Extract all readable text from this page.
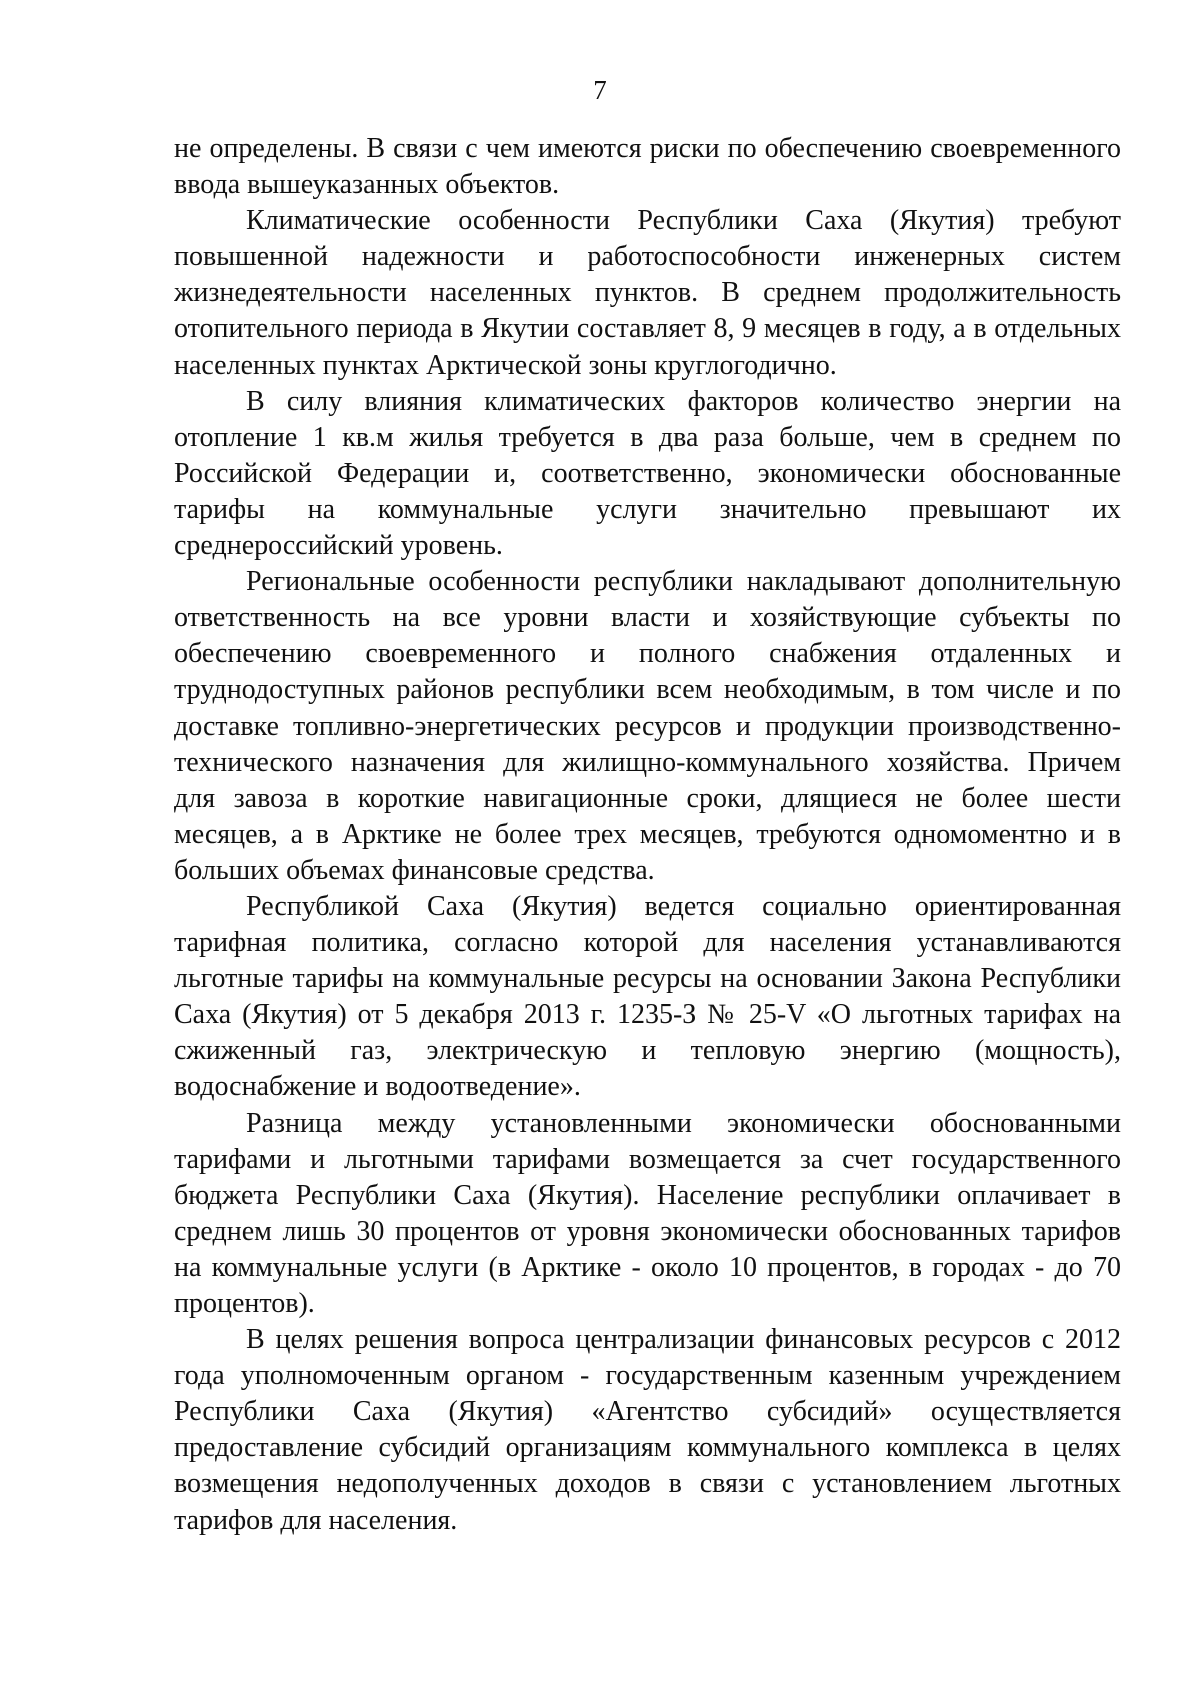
7
не определены. В связи с чем имеются риски по обеспечению своевременного
ввода вышеуказанных объектов.
Климатические особенности Республики Саха (Якутия) требуют
повышенной надежности и работоспособности инженерных систем
жизнедеятельности населенных пунктов. В среднем продолжительность
отопительного периода в Якутии составляет 8, 9 месяцев в году, а в отдельных
населенных пунктах Арктической зоны круглогодично.
В силу влияния климатических факторов количество энергии на
отопление 1 кв.м жилья требуется в два раза больше, чем в среднем по
Российской Федерации и, соответственно, экономически обоснованные
тарифы на коммунальные услуги значительно превышают их
среднероссийский уровень.
Региональные особенности республики накладывают дополнительную
ответственность на все уровни власти и хозяйствующие субъекты по
обеспечению своевременного и полного снабжения отдаленных и
труднодоступных районов республики всем необходимым, в том числе и по
доставке топливно-энергетических ресурсов и продукции производственно-
технического назначения для жилищно-коммунального хозяйства. Причем
для завоза в короткие навигационные сроки, длящиеся не более шести
месяцев, а в Арктике не более трех месяцев, требуются одномоментно и в
больших объемах финансовые средства.
Республикой Саха (Якутия) ведется социально ориентированная
тарифная политика, согласно которой для населения устанавливаются
льготные тарифы на коммунальные ресурсы на основании Закона Республики
Саха (Якутия) от 5 декабря 2013 г. 1235-З № 25-V «О льготных тарифах на
сжиженный газ, электрическую и тепловую энергию (мощность),
водоснабжение и водоотведение».
Разница между установленными экономически обоснованными
тарифами и льготными тарифами возмещается за счет государственного
бюджета Республики Саха (Якутия). Население республики оплачивает в
среднем лишь 30 процентов от уровня экономически обоснованных тарифов
на коммунальные услуги (в Арктике - около 10 процентов, в городах - до 70
процентов).
В целях решения вопроса централизации финансовых ресурсов с 2012
года уполномоченным органом - государственным казенным учреждением
Республики Саха (Якутия) «Агентство субсидий» осуществляется
предоставление субсидий организациям коммунального комплекса в целях
возмещения недополученных доходов в связи с установлением льготных
тарифов для населения.
